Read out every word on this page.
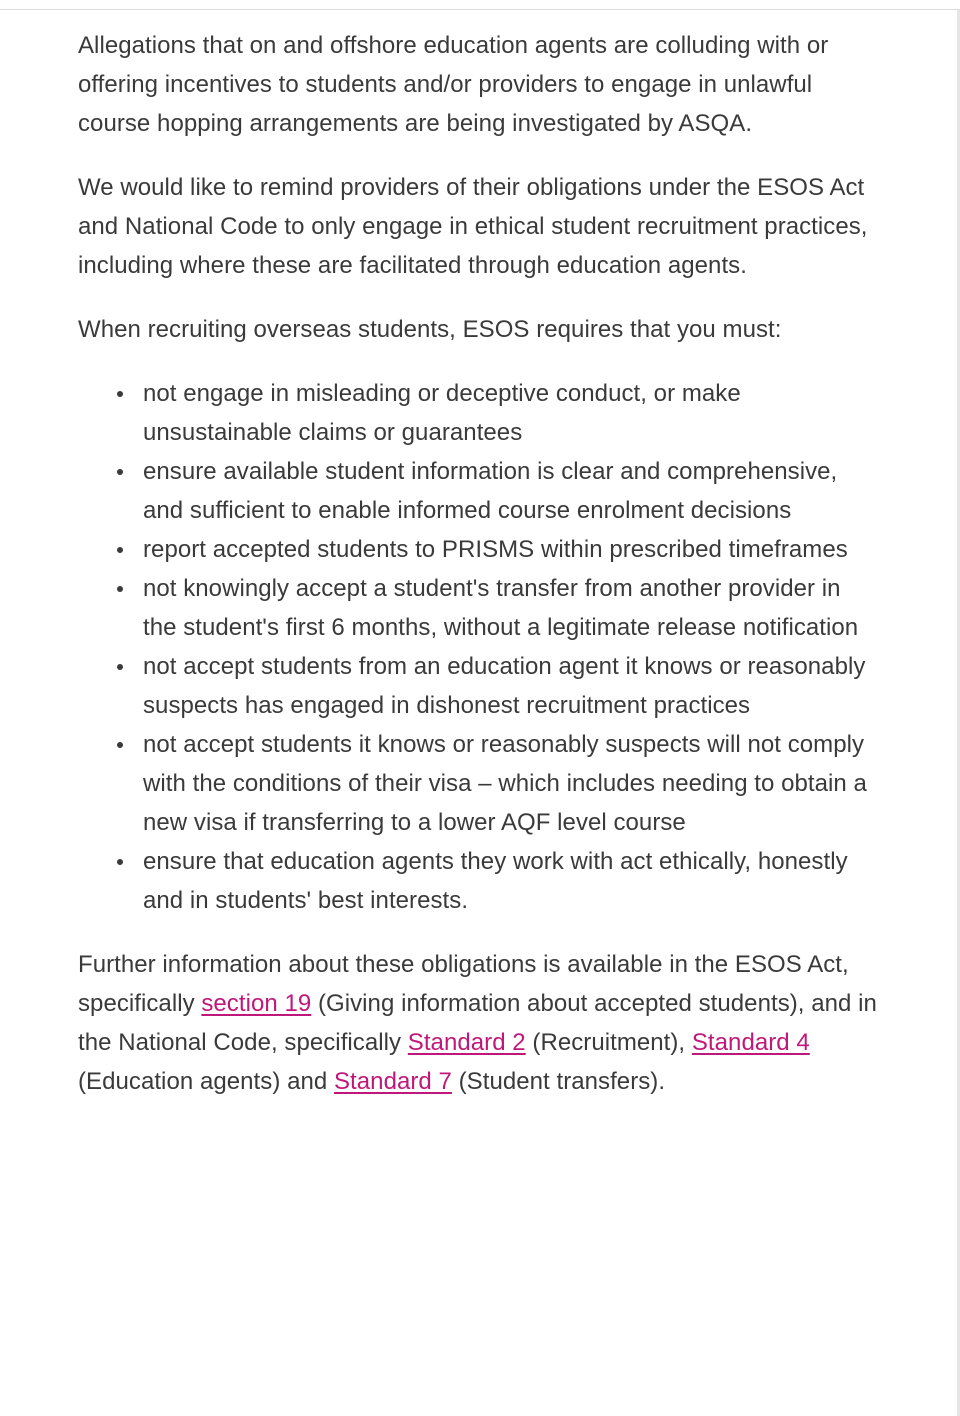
Allegations that on and offshore education agents are colluding with or offering incentives to students and/or providers to engage in unlawful course hopping arrangements are being investigated by ASQA.

We would like to remind providers of their obligations under the ESOS Act and National Code to only engage in ethical student recruitment practices, including where these are facilitated through education agents.

When recruiting overseas students, ESOS requires that you must:

not engage in misleading or deceptive conduct, or make unsustainable claims or guarantees
ensure available student information is clear and comprehensive, and sufficient to enable informed course enrolment decisions
report accepted students to PRISMS within prescribed timeframes
not knowingly accept a student's transfer from another provider in the student's first 6 months, without a legitimate release notification
not accept students from an education agent it knows or reasonably suspects has engaged in dishonest recruitment practices
not accept students it knows or reasonably suspects will not comply with the conditions of their visa – which includes needing to obtain a new visa if transferring to a lower AQF level course
ensure that education agents they work with act ethically, honestly and in students' best interests.

Further information about these obligations is available in the ESOS Act, specifically section 19 (Giving information about accepted students), and in the National Code, specifically Standard 2 (Recruitment), Standard 4 (Education agents) and Standard 7 (Student transfers).
